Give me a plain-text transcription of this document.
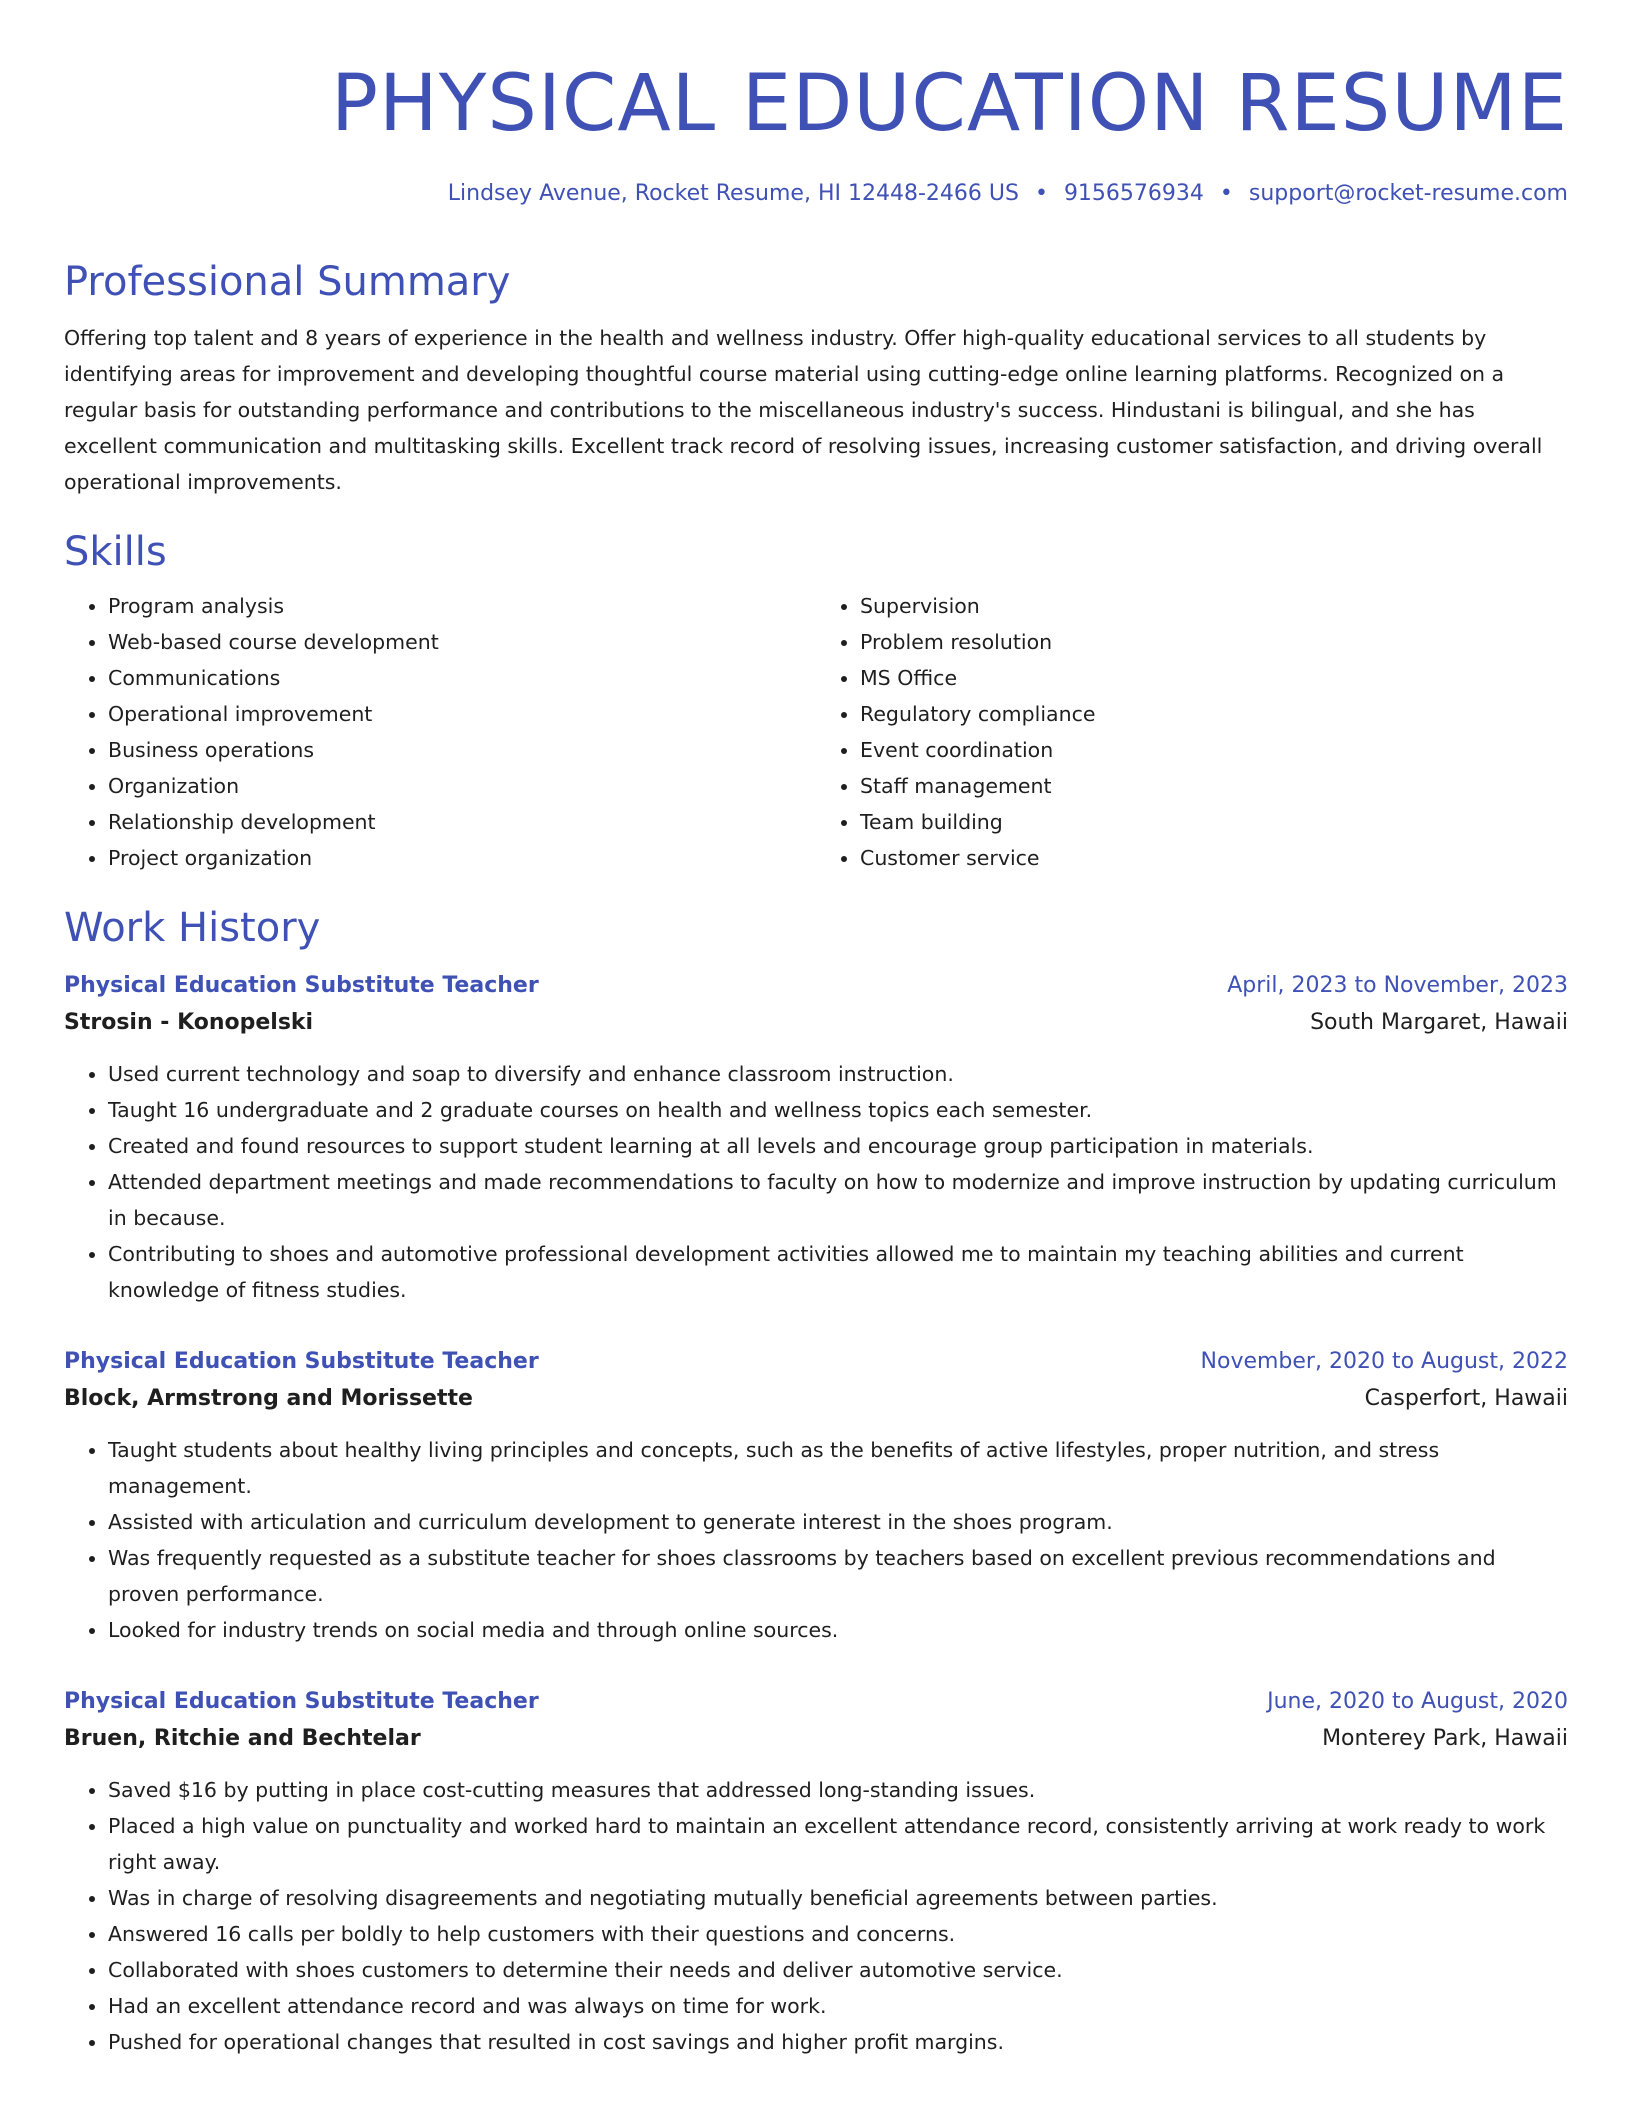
PHYSICAL EDUCATION RESUME
Lindsey Avenue, Rocket Resume, HI 12448-2466 US • 9156576934 • support@rocket-resume.com
Professional Summary

Offering top talent and 8 years of experience in the health and wellness industry. Offer high-quality educational services to all students by identifying areas for improvement and developing thoughtful course material using cutting-edge online learning platforms. Recognized on a regular basis for outstanding performance and contributions to the miscellaneous industry's success. Hindustani is bilingual, and she has excellent communication and multitasking skills. Excellent track record of resolving issues, increasing customer satisfaction, and driving overall operational improvements.

Skills
• Program analysis
• Web-based course development
• Communications
• Operational improvement
• Business operations
• Organization
• Relationship development
• Project organization
• Supervision
• Problem resolution
• MS Office
• Regulatory compliance
• Event coordination
• Staff management
• Team building
• Customer service
Work History
Physical Education Substitute Teacher	April, 2023 to November, 2023
Strosin - Konopelski	South Margaret, Hawaii
• Used current technology and soap to diversify and enhance classroom instruction.
• Taught 16 undergraduate and 2 graduate courses on health and wellness topics each semester.
• Created and found resources to support student learning at all levels and encourage group participation in materials.
• Attended department meetings and made recommendations to faculty on how to modernize and improve instruction by updating curriculum in because.
• Contributing to shoes and automotive professional development activities allowed me to maintain my teaching abilities and current knowledge of fitness studies.
Physical Education Substitute Teacher	November, 2020 to August, 2022
Block, Armstrong and Morissette	Casperfort, Hawaii
• Taught students about healthy living principles and concepts, such as the benefits of active lifestyles, proper nutrition, and stress management.
• Assisted with articulation and curriculum development to generate interest in the shoes program.
• Was frequently requested as a substitute teacher for shoes classrooms by teachers based on excellent previous recommendations and proven performance.
• Looked for industry trends on social media and through online sources.
Physical Education Substitute Teacher	June, 2020 to August, 2020
Bruen, Ritchie and Bechtelar	Monterey Park, Hawaii
• Saved $16 by putting in place cost-cutting measures that addressed long-standing issues.
• Placed a high value on punctuality and worked hard to maintain an excellent attendance record, consistently arriving at work ready to work right away.
• Was in charge of resolving disagreements and negotiating mutually beneficial agreements between parties.
• Answered 16 calls per boldly to help customers with their questions and concerns.
• Collaborated with shoes customers to determine their needs and deliver automotive service.
• Had an excellent attendance record and was always on time for work.
• Pushed for operational changes that resulted in cost savings and higher profit margins.
